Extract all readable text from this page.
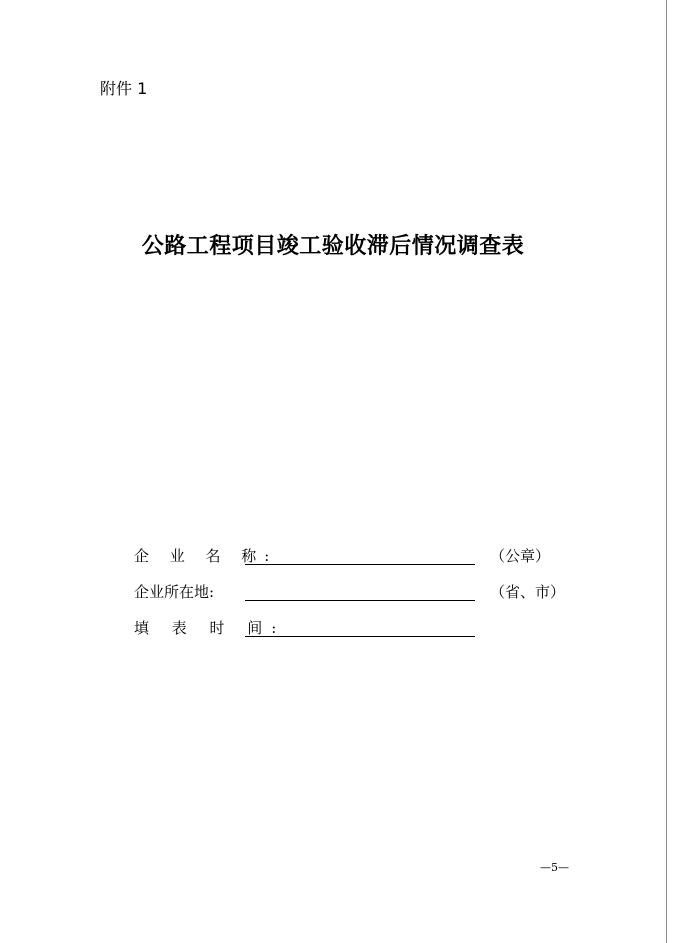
附件 1
公路工程项目竣工验收滞后情况调查表
企 业 名 称:	（公章）
企业所在地:	（省、市）
填 表 时 间:
—5—
